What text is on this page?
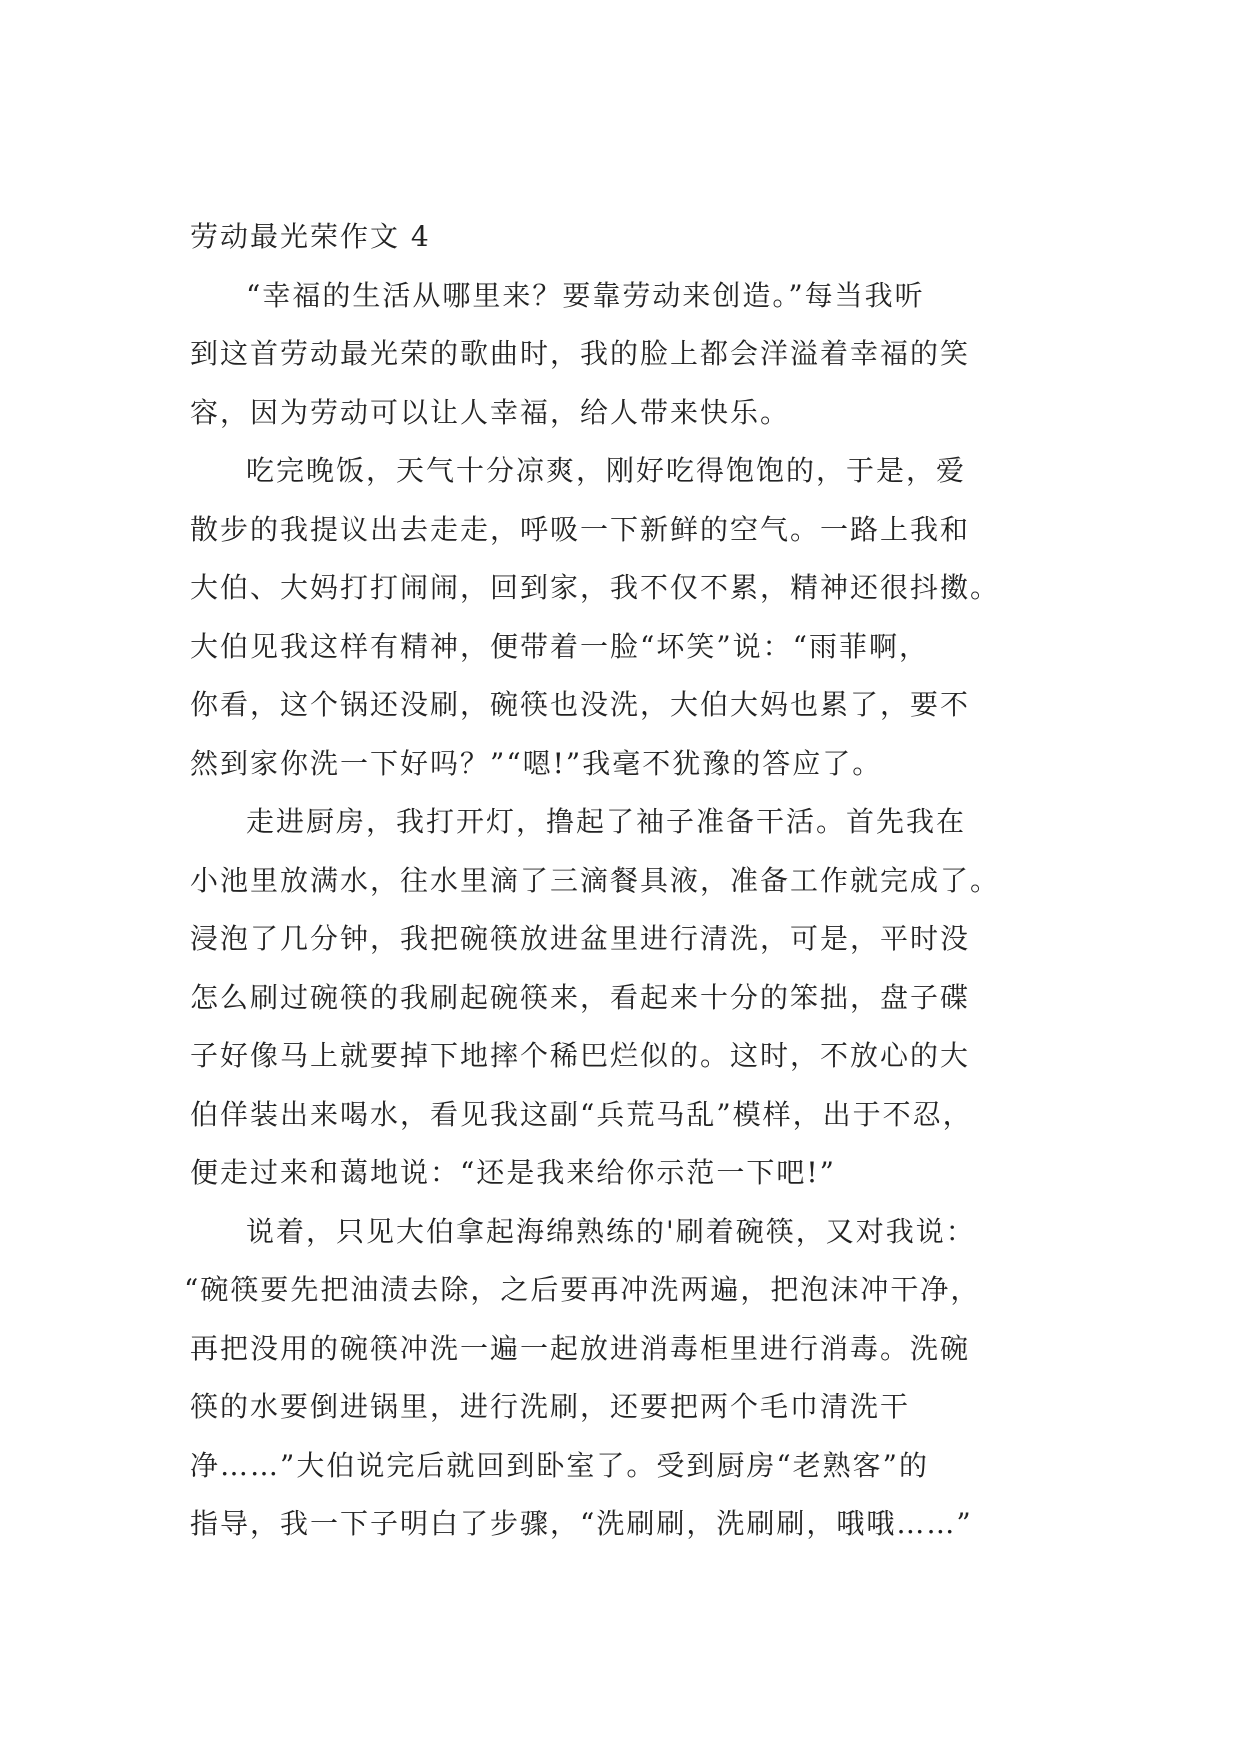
劳动最光荣作文 4
“幸福的生活从哪里来？要靠劳动来创造。”每当我听
到这首劳动最光荣的歌曲时，我的脸上都会洋溢着幸福的笑
容，因为劳动可以让人幸福，给人带来快乐。
吃完晚饭，天气十分凉爽，刚好吃得饱饱的，于是，爱
散步的我提议出去走走，呼吸一下新鲜的空气。一路上我和
大伯、大妈打打闹闹，回到家，我不仅不累，精神还很抖擞。
大伯见我这样有精神，便带着一脸“坏笑”说：“雨菲啊，
你看，这个锅还没刷，碗筷也没洗，大伯大妈也累了，要不
然到家你洗一下好吗？”“嗯!”我毫不犹豫的答应了。
走进厨房，我打开灯，撸起了袖子准备干活。首先我在
小池里放满水，往水里滴了三滴餐具液，准备工作就完成了。
浸泡了几分钟，我把碗筷放进盆里进行清洗，可是，平时没
怎么刷过碗筷的我刷起碗筷来，看起来十分的笨拙，盘子碟
子好像马上就要掉下地摔个稀巴烂似的。这时，不放心的大
伯佯装出来喝水，看见我这副“兵荒马乱”模样，出于不忍，
便走过来和蔼地说：“还是我来给你示范一下吧!”
说着，只见大伯拿起海绵熟练的'刷着碗筷，又对我说：
“碗筷要先把油渍去除，之后要再冲洗两遍，把泡沫冲干净，
再把没用的碗筷冲洗一遍一起放进消毒柜里进行消毒。洗碗
筷的水要倒进锅里，进行洗刷，还要把两个毛巾清洗干
净……”大伯说完后就回到卧室了。受到厨房“老熟客”的
指导，我一下子明白了步骤，“洗刷刷，洗刷刷，哦哦……”
